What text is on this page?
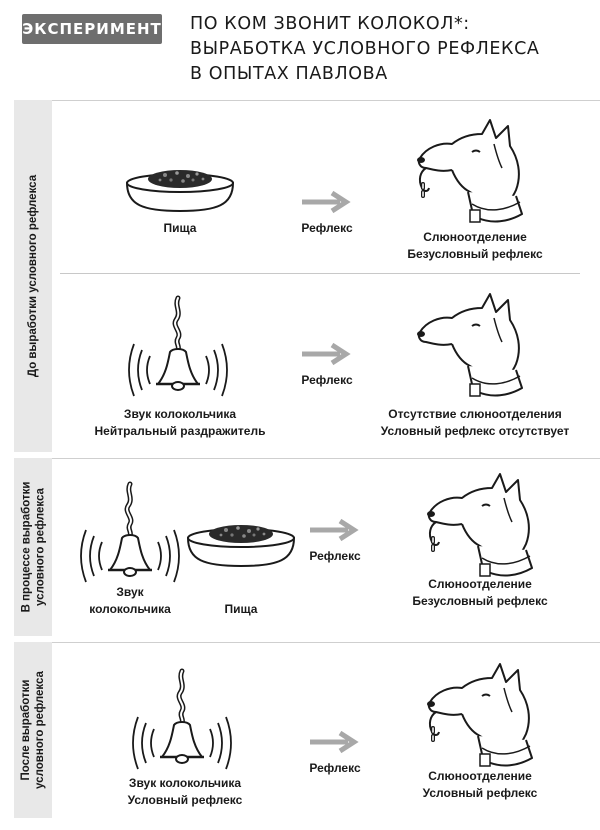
ЭКСПЕРИМЕНТ ПО КОМ ЗВОНИТ КОЛОКОЛ*:
ВЫРАБОТКА УСЛОВНОГО РЕФЛЕКСА
В ОПЫТАХ ПАВЛОВА
До выработки условного рефлекса	Пища	Рефлекс
Слюноотделение
Безусловный рефлекс
Звук колокольчика
Нейтральный раздражитель
Рефлекс
Отсутствие слюноотделения
Условный рефлекс отсутствует
В процессе выработки условного рефлекса	Звук
колокольчика	Пища
Рефлекс
Слюноотделение
Безусловный рефлекс
После выработки условного рефлекса	Звук колокольчика
Условный рефлекс
Рефлекс
Слюноотделение
Условный рефлекс
